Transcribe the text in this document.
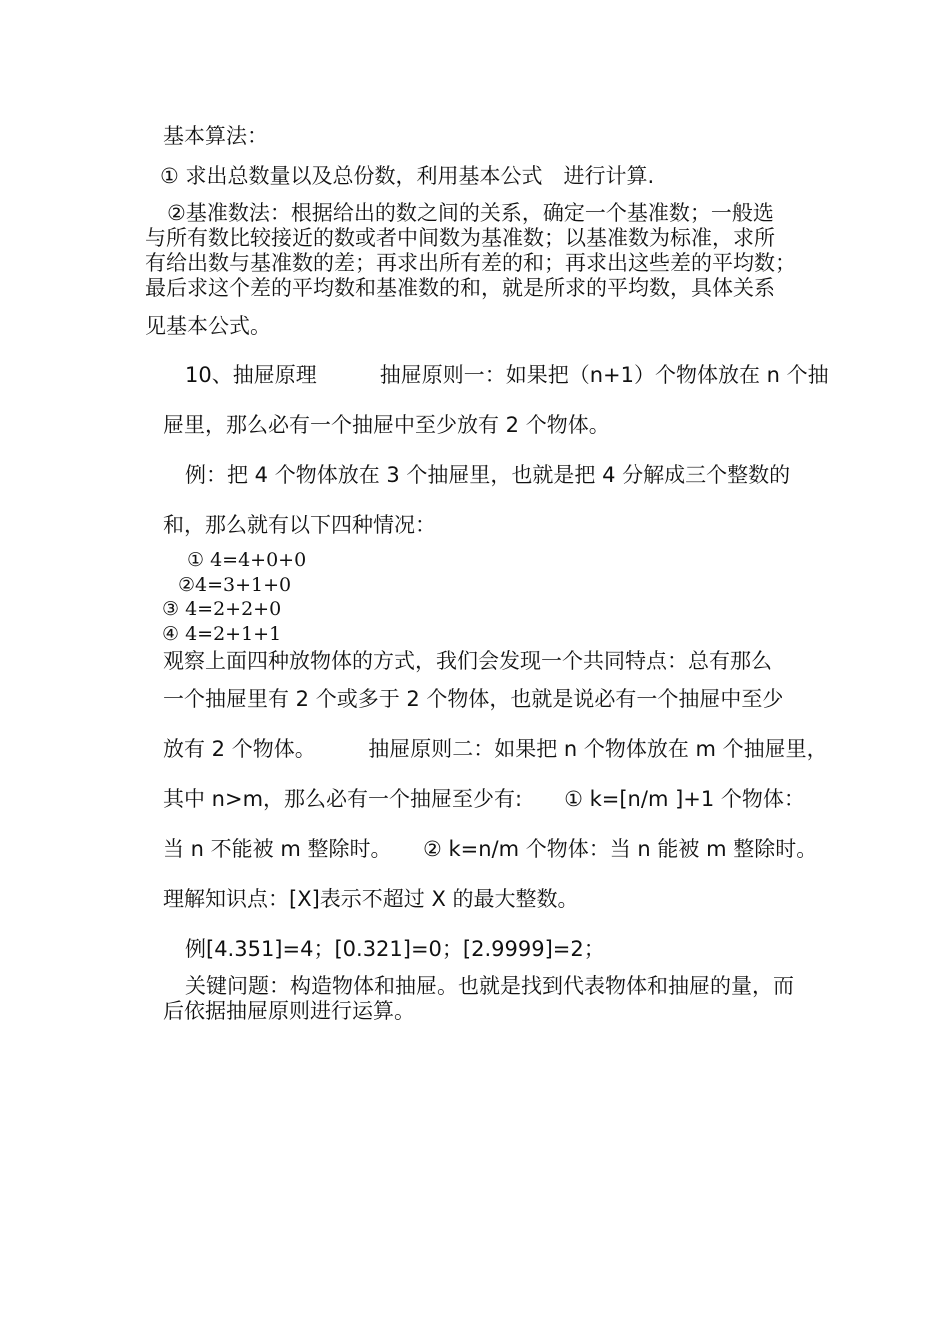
基本算法：
① 求出总数量以及总份数，利用基本公式　进行计算.
②基准数法：根据给出的数之间的关系，确定一个基准数；一般选
与所有数比较接近的数或者中间数为基准数；以基准数为标准，求所
有给出数与基准数的差；再求出所有差的和；再求出这些差的平均数；
最后求这个差的平均数和基准数的和，就是所求的平均数，具体关系
见基本公式。
10、抽屉原理　　　抽屉原则一：如果把（n+1）个物体放在 n 个抽
屉里，那么必有一个抽屉中至少放有 2 个物体。
例：把 4 个物体放在 3 个抽屉里，也就是把 4 分解成三个整数的
和，那么就有以下四种情况：
① 4=4+0+0
②4=3+1+0
③ 4=2+2+0
④ 4=2+1+1
观察上面四种放物体的方式，我们会发现一个共同特点：总有那么
一个抽屉里有 2 个或多于 2 个物体，也就是说必有一个抽屉中至少
放有 2 个物体。　　　抽屉原则二：如果把 n 个物体放在 m 个抽屉里，
其中 n>m，那么必有一个抽屉至少有:　　① k=[n/m ]+1 个物体：
当 n 不能被 m 整除时。　　② k=n/m 个物体：当 n 能被 m 整除时。
理解知识点：[X]表示不超过 X 的最大整数。
例[4.351]=4；[0.321]=0；[2.9999]=2；
关键问题：构造物体和抽屉。也就是找到代表物体和抽屉的量，而
后依据抽屉原则进行运算。
